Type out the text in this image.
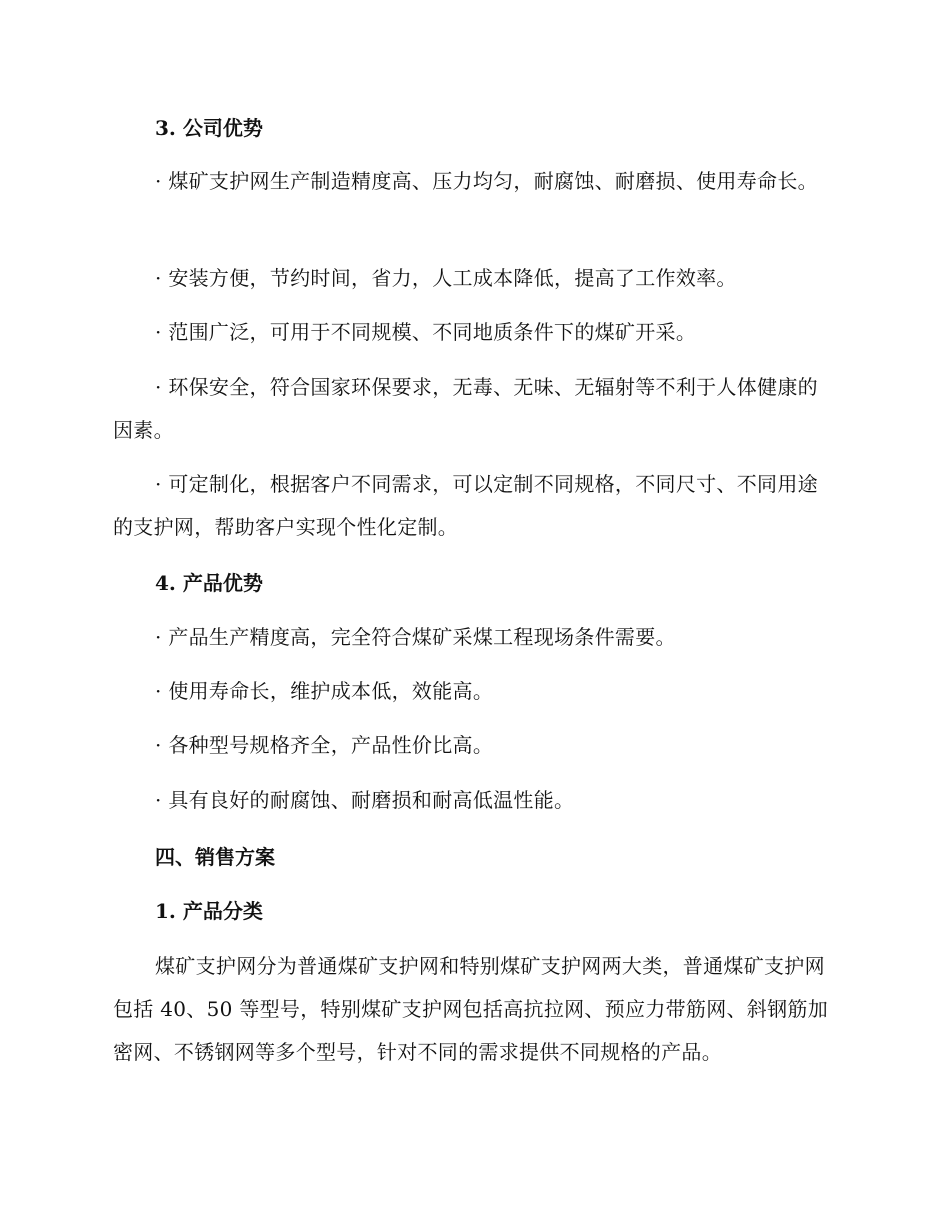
3. 公司优势
· 煤矿支护网生产制造精度高、压力均匀，耐腐蚀、耐磨损、使用寿命长。
· 安装方便，节约时间，省力，人工成本降低，提高了工作效率。
· 范围广泛，可用于不同规模、不同地质条件下的煤矿开采。
· 环保安全，符合国家环保要求，无毒、无味、无辐射等不利于人体健康的因素。
· 可定制化，根据客户不同需求，可以定制不同规格，不同尺寸、不同用途的支护网，帮助客户实现个性化定制。
4. 产品优势
· 产品生产精度高，完全符合煤矿采煤工程现场条件需要。
· 使用寿命长，维护成本低，效能高。
· 各种型号规格齐全，产品性价比高。
· 具有良好的耐腐蚀、耐磨损和耐高低温性能。
四、销售方案
1. 产品分类
煤矿支护网分为普通煤矿支护网和特别煤矿支护网两大类，普通煤矿支护网包括 40、50 等型号，特别煤矿支护网包括高抗拉网、预应力带筋网、斜钢筋加密网、不锈钢网等多个型号，针对不同的需求提供不同规格的产品。
